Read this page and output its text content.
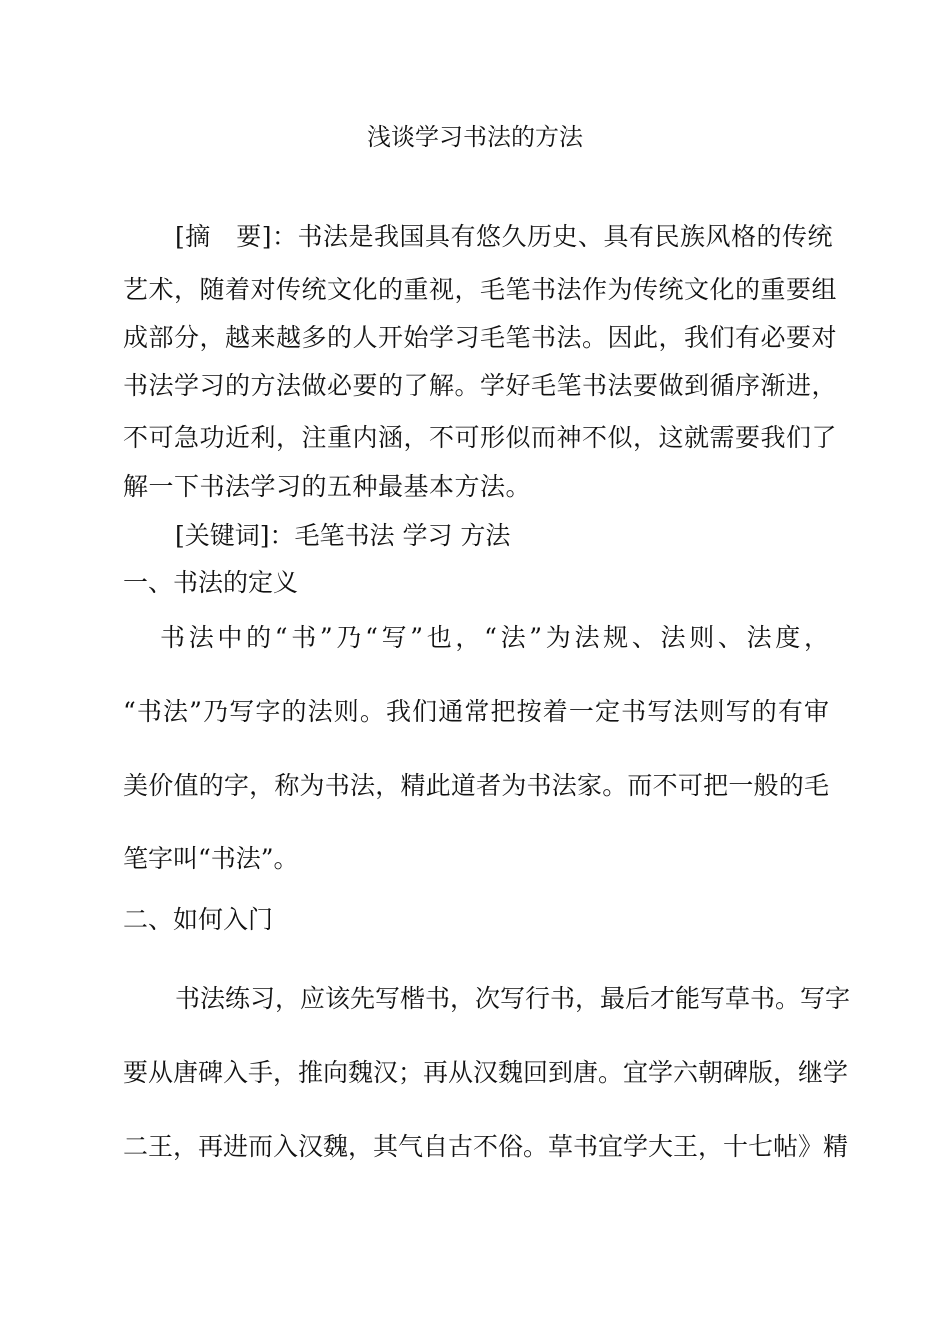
浅谈学习书法的方法
[摘　要]：书法是我国具有悠久历史、具有民族风格的传统
艺术，随着对传统文化的重视，毛笔书法作为传统文化的重要组
成部分，越来越多的人开始学习毛笔书法。因此，我们有必要对
书法学习的方法做必要的了解。学好毛笔书法要做到循序渐进，
不可急功近利，注重内涵，不可形似而神不似，这就需要我们了
解一下书法学习的五种最基本方法。
[关键词]：毛笔书法 学习 方法
一、书法的定义
书法中的“书”乃“写”也，“法”为法规、法则、法度，
“书法”乃写字的法则。我们通常把按着一定书写法则写的有审
美价值的字，称为书法，精此道者为书法家。而不可把一般的毛
笔字叫“书法”。
二、如何入门
书法练习，应该先写楷书，次写行书，最后才能写草书。写字
要从唐碑入手，推向魏汉；再从汉魏回到唐。宜学六朝碑版，继学
二王，再进而入汉魏，其气自古不俗。草书宜学大王，十七帖》精
